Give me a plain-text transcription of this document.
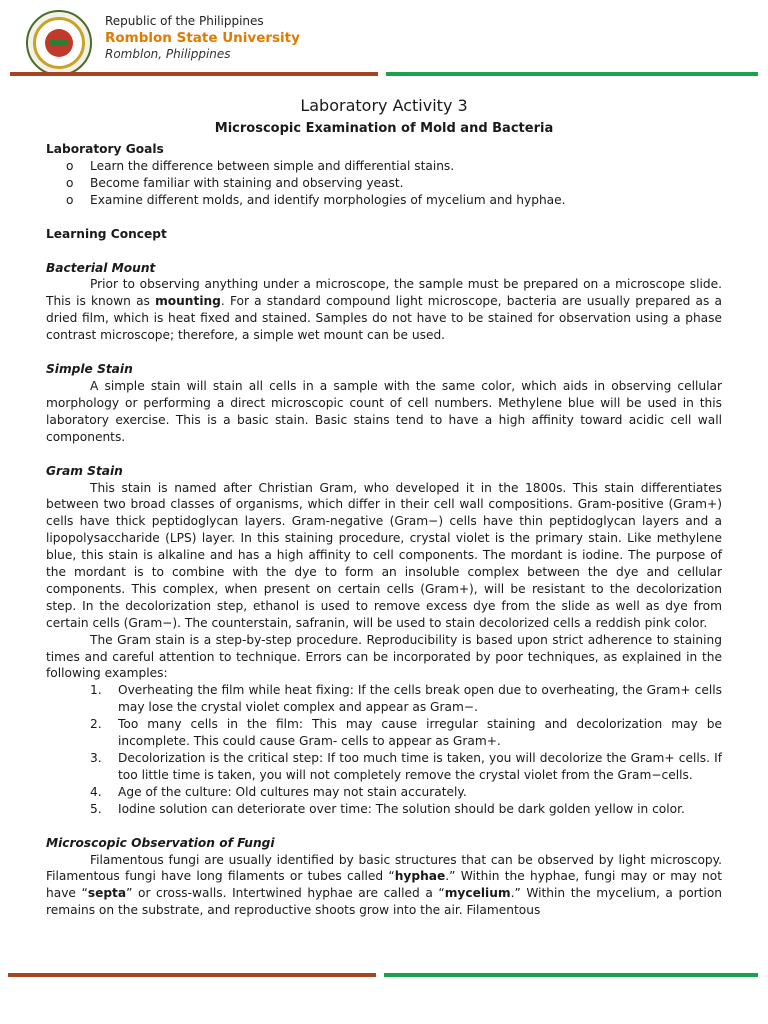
Republic of the Philippines
Romblon State University
Romblon, Philippines
Laboratory Activity 3
Microscopic Examination of Mold and Bacteria
Laboratory Goals
o Learn the difference between simple and differential stains.
o Become familiar with staining and observing yeast.
o Examine different molds, and identify morphologies of mycelium and hyphae.
Learning Concept
Bacterial Mount

Prior to observing anything under a microscope, the sample must be prepared on a microscope slide. This is known as mounting. For a standard compound light microscope, bacteria are usually prepared as a dried film, which is heat fixed and stained. Samples do not have to be stained for observation using a phase contrast microscope; therefore, a simple wet mount can be used.

Simple Stain

A simple stain will stain all cells in a sample with the same color, which aids in observing cellular morphology or performing a direct microscopic count of cell numbers. Methylene blue will be used in this laboratory exercise. This is a basic stain. Basic stains tend to have a high affinity toward acidic cell wall components.

Gram Stain

This stain is named after Christian Gram, who developed it in the 1800s. This stain differentiates between two broad classes of organisms, which differ in their cell wall compositions. Gram-positive (Gram+) cells have thick peptidoglycan layers. Gram-negative (Gram−) cells have thin peptidoglycan layers and a lipopolysaccharide (LPS) layer. In this staining procedure, crystal violet is the primary stain. Like methylene blue, this stain is alkaline and has a high affinity to cell components. The mordant is iodine. The purpose of the mordant is to combine with the dye to form an insoluble complex between the dye and cellular components. This complex, when present on certain cells (Gram+), will be resistant to the decolorization step. In the decolorization step, ethanol is used to remove excess dye from the slide as well as dye from certain cells (Gram−). The counterstain, safranin, will be used to stain decolorized cells a reddish pink color.

The Gram stain is a step-by-step procedure. Reproducibility is based upon strict adherence to staining times and careful attention to technique. Errors can be incorporated by poor techniques, as explained in the following examples:

1. Overheating the film while heat fixing: If the cells break open due to overheating, the Gram+ cells may lose the crystal violet complex and appear as Gram−.
2. Too many cells in the film: This may cause irregular staining and decolorization may be incomplete. This could cause Gram- cells to appear as Gram+.
3. Decolorization is the critical step: If too much time is taken, you will decolorize the Gram+ cells. If too little time is taken, you will not completely remove the crystal violet from the Gram−cells.
4. Age of the culture: Old cultures may not stain accurately.
5. Iodine solution can deteriorate over time: The solution should be dark golden yellow in color.
Microscopic Observation of Fungi

Filamentous fungi are usually identified by basic structures that can be observed by light microscopy. Filamentous fungi have long filaments or tubes called “hyphae.” Within the hyphae, fungi may or may not have “septa” or cross-walls. Intertwined hyphae are called a “mycelium.” Within the mycelium, a portion remains on the substrate, and reproductive shoots grow into the air. Filamentous
